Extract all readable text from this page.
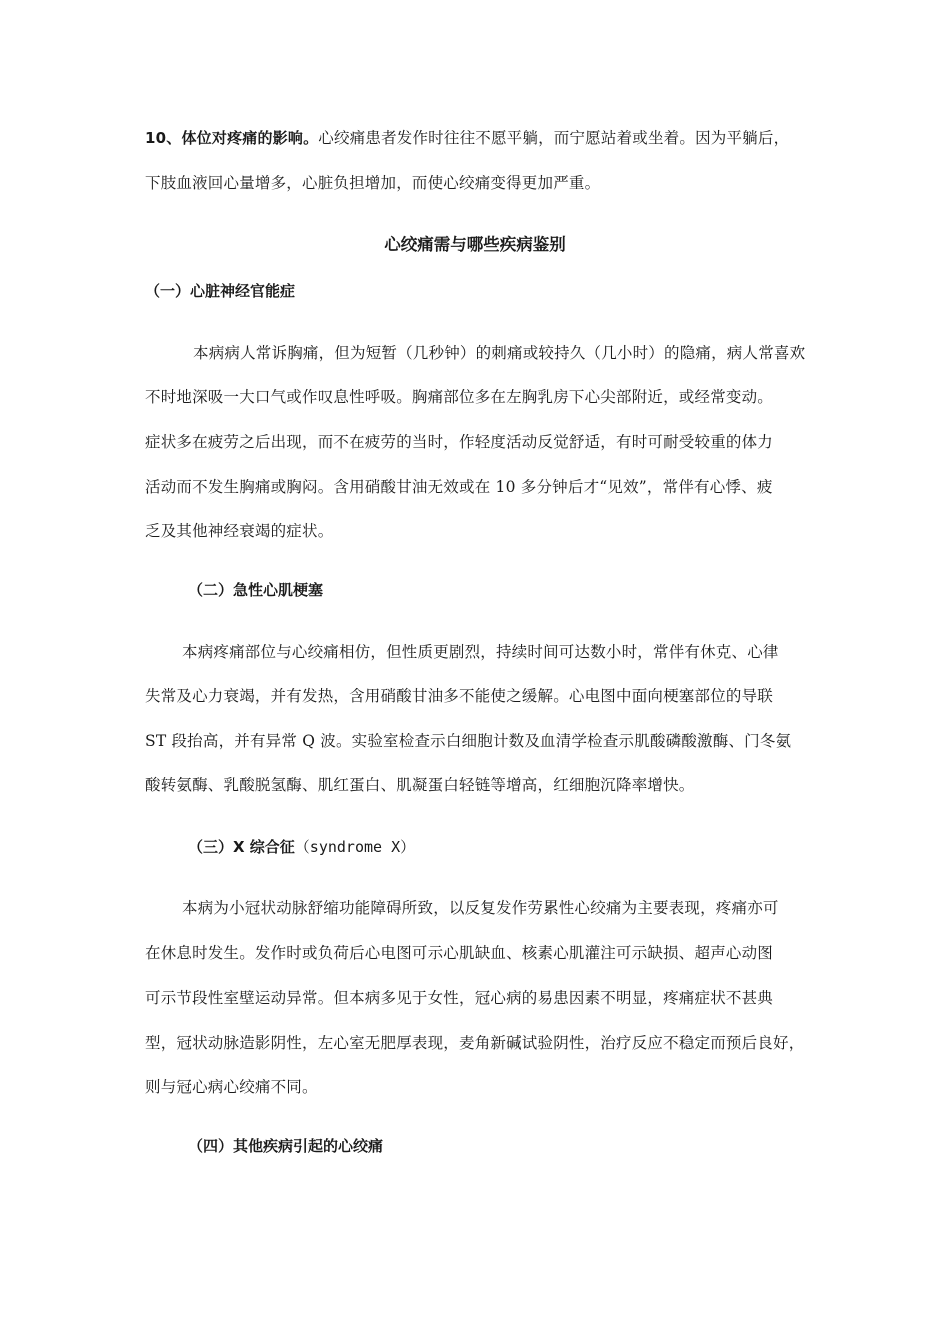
10、体位对疼痛的影响。心绞痛患者发作时往往不愿平躺，而宁愿站着或坐着。因为平躺后，
下肢血液回心量增多，心脏负担增加，而使心绞痛变得更加严重。
心绞痛需与哪些疾病鉴别
（一）心脏神经官能症
本病病人常诉胸痛，但为短暂（几秒钟）的刺痛或较持久（几小时）的隐痛，病人常喜欢
不时地深吸一大口气或作叹息性呼吸。胸痛部位多在左胸乳房下心尖部附近，或经常变动。
症状多在疲劳之后出现，而不在疲劳的当时，作轻度活动反觉舒适，有时可耐受较重的体力
活动而不发生胸痛或胸闷。含用硝酸甘油无效或在 10 多分钟后才“见效”，常伴有心悸、疲
乏及其他神经衰竭的症状。
（二）急性心肌梗塞
本病疼痛部位与心绞痛相仿，但性质更剧烈，持续时间可达数小时，常伴有休克、心律
失常及心力衰竭，并有发热，含用硝酸甘油多不能使之缓解。心电图中面向梗塞部位的导联
ST 段抬高，并有异常 Q 波。实验室检查示白细胞计数及血清学检查示肌酸磷酸激酶、门冬氨
酸转氨酶、乳酸脱氢酶、肌红蛋白、肌凝蛋白轻链等增高，红细胞沉降率增快。
（三）X 综合征（syndrome X）
本病为小冠状动脉舒缩功能障碍所致，以反复发作劳累性心绞痛为主要表现，疼痛亦可
在休息时发生。发作时或负荷后心电图可示心肌缺血、核素心肌灌注可示缺损、超声心动图
可示节段性室壁运动异常。但本病多见于女性，冠心病的易患因素不明显，疼痛症状不甚典
型，冠状动脉造影阴性，左心室无肥厚表现，麦角新碱试验阴性，治疗反应不稳定而预后良好，
则与冠心病心绞痛不同。
（四）其他疾病引起的心绞痛
